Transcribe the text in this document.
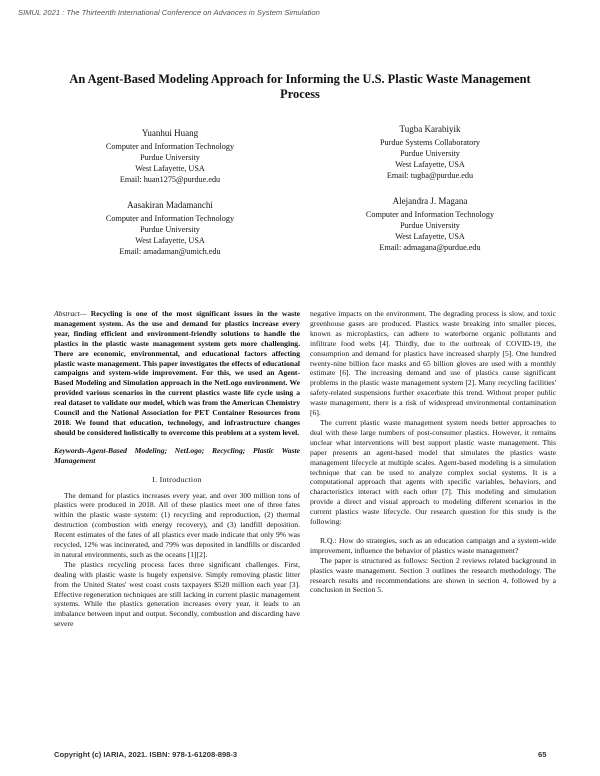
SIMUL 2021 : The Thirteenth International Conference on Advances in System Simulation
An Agent-Based Modeling Approach for Informing the U.S. Plastic Waste Management Process
Yuanhui Huang
Computer and Information Technology
Purdue University
West Lafayette, USA
Email: huan1275@purdue.edu
Tugba Karabiyik
Purdue Systems Collaboratory
Purdue University
West Lafayette, USA
Email: tugba@purdue.edu
Aasakiran Madamanchi
Computer and Information Technology
Purdue University
West Lafayette, USA
Email: amadaman@umich.edu
Alejandra J. Magana
Computer and Information Technology
Purdue University
West Lafayette, USA
Email: admagana@purdue.edu

Abstract— Recycling is one of the most significant issues in the waste management system. As the use and demand for plastics increase every year, finding efficient and environment-friendly solutions to handle the plastics in the plastic waste management system gets more challenging. There are economic, environmental, and educational factors affecting plastic waste management. This paper investigates the effects of educational campaigns and system-wide improvement. For this, we used an Agent-Based Modeling and Simulation approach in the NetLogo environment. We provided various scenarios in the current plastics waste life cycle using a real dataset to validate our model, which was from the American Chemistry Council and the National Association for PET Container Resources from 2018. We found that education, technology, and infrastructure changes should be considered holistically to overcome this problem at a system level.

Keywords-Agent-Based Modeling; NetLogo; Recycling; Plastic Waste Management

I. Introduction

The demand for plastics increases every year, and over 300 million tons of plastics were produced in 2018. All of these plastics meet one of three fates within the plastic waste system: (1) recycling and reproduction, (2) thermal destruction (combustion with energy recovery), and (3) landfill deposition. Recent estimates of the fates of all plastics ever made indicate that only 9% was recycled, 12% was incinerated, and 79% was deposited in landfills or discarded in natural environments, such as the oceans [1][2].

The plastics recycling process faces three significant challenges. First, dealing with plastic waste is hugely expensive. Simply removing plastic litter from the United States' west coast costs taxpayers $520 million each year [3]. Effective regeneration techniques are still lacking in current plastic management systems. While the plastics generation increases every year, it leads to an imbalance between input and output. Secondly, combustion and discarding have severe

negative impacts on the environment. The degrading process is slow, and toxic greenhouse gases are produced. Plastics waste breaking into smaller pieces, known as microplastics, can adhere to waterborne organic pollutants and infiltrate food webs [4]. Thirdly, due to the outbreak of COVID-19, the consumption and demand for plastics have increased sharply [5]. One hundred twenty-nine billion face masks and 65 billion gloves are used with a monthly estimate [6]. The increasing demand and use of plastics cause significant problems in the plastic waste management system [2]. Many recycling facilities' safety-related suspensions further exacerbate this trend. Without proper public waste management, there is a risk of widespread environmental contamination [6].

The current plastic waste management system needs better approaches to deal with these large numbers of post-consumer plastics. However, it remains unclear what interventions will best support plastic waste management. This paper presents an agent-based model that simulates the plastics waste management lifecycle at multiple scales. Agent-based modeling is a simulation technique that can be used to analyze complex social systems. It is a computational approach that agents with specific variables, behaviors, and characteristics interact with each other [7]. This modeling and simulation provide a direct and visual approach to modeling different scenarios in the current plastics waste lifecycle. Our research question for this study is the following:

R.Q.: How do strategies, such as an education campaign and a system-wide improvement, influence the behavior of plastics waste management?

The paper is structured as follows: Section 2 reviews related background in plastics waste management. Section 3 outlines the research methodology. The research results and recommendations are shown in section 4, followed by a conclusion in Section 5.

Copyright (c) IARIA, 2021. ISBN: 978-1-61208-898-3	65
